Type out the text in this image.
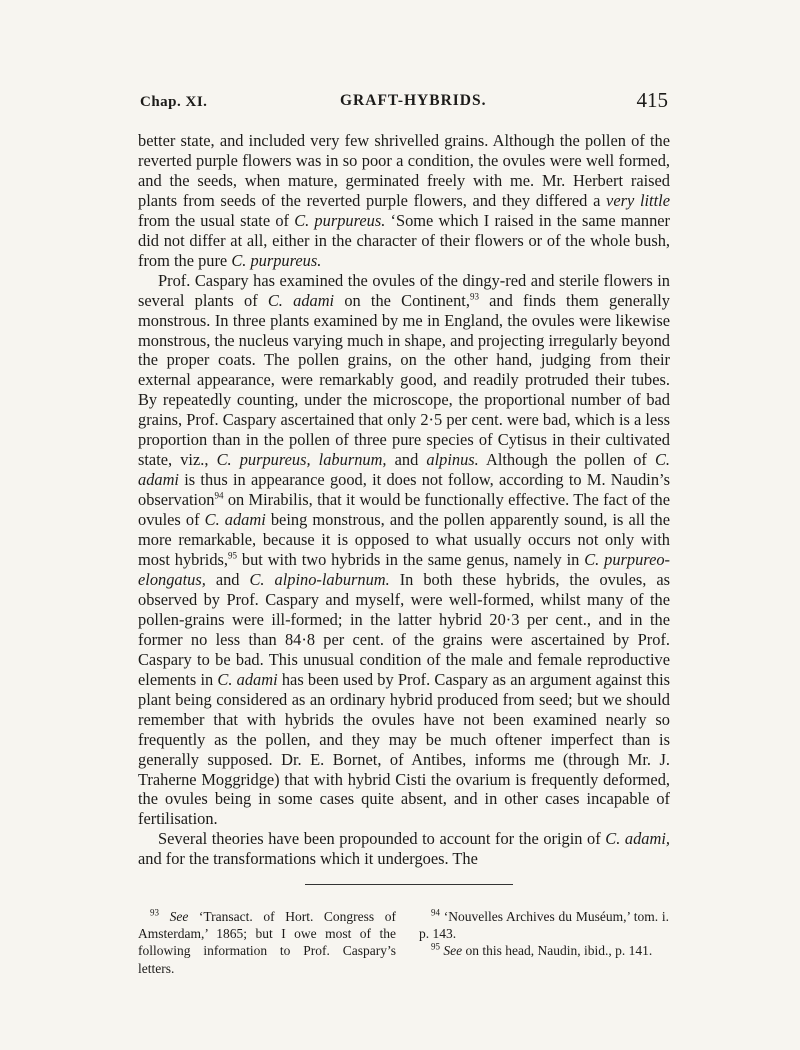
Chap. XI.	GRAFT-HYBRIDS.	415

better state, and included very few shrivelled grains. Although the pollen of the reverted purple flowers was in so poor a condition, the ovules were well formed, and the seeds, when mature, germinated freely with me. Mr. Herbert raised plants from seeds of the reverted purple flowers, and they differed a very little from the usual state of C. purpureus. ‘Some which I raised in the same manner did not differ at all, either in the character of their flowers or of the whole bush, from the pure C. purpureus.

Prof. Caspary has examined the ovules of the dingy-red and sterile flowers in several plants of C. adami on the Continent,$^{93}$ and finds them generally monstrous. In three plants examined by me in England, the ovules were likewise monstrous, the nucleus varying much in shape, and projecting irregularly beyond the proper coats. The pollen grains, on the other hand, judging from their external appearance, were remarkably good, and readily protruded their tubes. By repeatedly counting, under the microscope, the proportional number of bad grains, Prof. Caspary ascertained that only 2·5 per cent. were bad, which is a less proportion than in the pollen of three pure species of Cytisus in their cultivated state, viz., C. purpureus, laburnum, and alpinus. Although the pollen of C. adami is thus in appearance good, it does not follow, according to M. Naudin’s observation$^{94}$ on Mirabilis, that it would be functionally effective. The fact of the ovules of C. adami being monstrous, and the pollen apparently sound, is all the more remarkable, because it is opposed to what usually occurs not only with most hybrids,$^{95}$ but with two hybrids in the same genus, namely in C. purpureo-elongatus, and C. alpino-laburnum. In both these hybrids, the ovules, as observed by Prof. Caspary and myself, were well-formed, whilst many of the pollen-grains were ill-formed; in the latter hybrid 20·3 per cent., and in the former no less than 84·8 per cent. of the grains were ascertained by Prof. Caspary to be bad. This unusual condition of the male and female reproductive elements in C. adami has been used by Prof. Caspary as an argument against this plant being considered as an ordinary hybrid produced from seed; but we should remember that with hybrids the ovules have not been examined nearly so frequently as the pollen, and they may be much oftener imperfect than is generally supposed. Dr. E. Bornet, of Antibes, informs me (through Mr. J. Traherne Moggridge) that with hybrid Cisti the ovarium is frequently deformed, the ovules being in some cases quite absent, and in other cases incapable of fertilisation.

Several theories have been propounded to account for the origin of C. adami, and for the transformations which it undergoes. The

$^{93}$ See ‘Transact. of Hort. Congress of Amsterdam,’ 1865; but I owe most of the following information to Prof. Caspary’s letters.

$^{94}$ ‘Nouvelles Archives du Muséum,’ tom. i. p. 143.

$^{95}$ See on this head, Naudin, ibid., p. 141.
